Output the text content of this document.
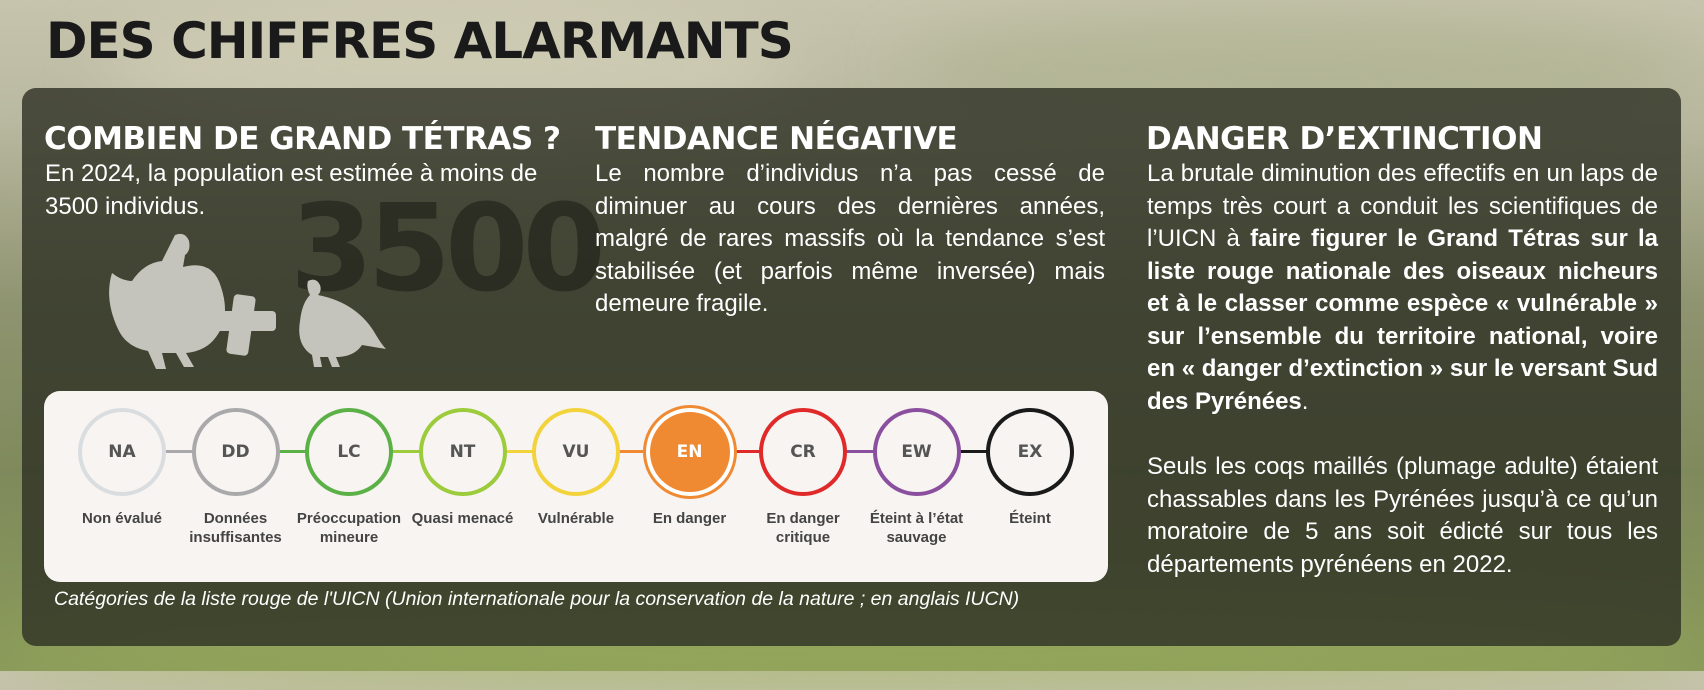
DES CHIFFRES ALARMANTS
COMBIEN DE GRAND TÉTRAS ?

En 2024, la population est estimée à moins de 3500 individus. 3500
TENDANCE NÉGATIVE

Le nombre d’individus n’a pas cessé de diminuer au cours des dernières années, malgré de rares massifs où la tendance s’est stabilisée (et parfois même inversée) mais demeure fragile.

DANGER D’EXTINCTION

La brutale diminution des effectifs en un laps de temps très court a conduit les scientifiques de l’UICN à faire figurer le Grand Tétras sur la liste rouge nationale des oiseaux nicheurs et à le classer comme espèce « vulnérable » sur l’ensemble du territoire national, voire en « danger d’extinction » sur le versant Sud des Pyrénées.

Seuls les coqs maillés (plumage adulte) étaient chassables dans les Pyrénées jusqu’à ce qu’un moratoire de 5 ans soit édicté sur tous les départements pyrénéens en 2022.

NA
Non évalué
DD
Données insuffisantes
LC
Préoccupation mineure
NT
Quasi menacé
VU
Vulnérable
EN
En danger
CR
En danger critique
EW
Éteint à l’état sauvage
EX
Éteint

Catégories de la liste rouge de l'UICN (Union internationale pour la conservation de la nature ; en anglais IUCN)
